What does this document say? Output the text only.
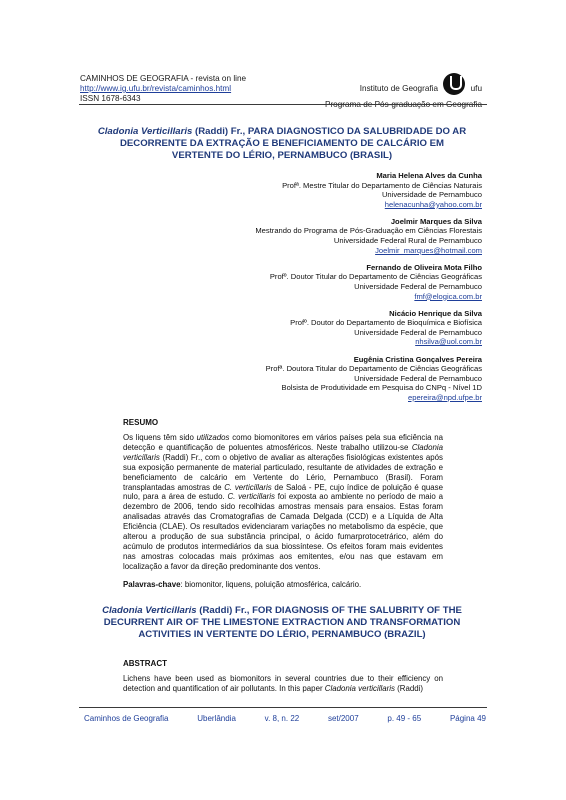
CAMINHOS DE GEOGRAFIA - revista on line
http://www.ig.ufu.br/revista/caminhos.html
ISSN 1678-6343
Instituto de Geografia	ufu
Cladonia Verticillaris (Raddi) Fr., PARA DIAGNOSTICO DA SALUBRIDADE DO AR
DECORRENTE DA EXTRAÇÃO E BENEFICIAMENTO DE CALCÁRIO EM
VERTENTE DO LÉRIO, PERNAMBUCO (BRASIL)
Maria Helena Alves da Cunha
Profª. Mestre Titular do Departamento de Ciências Naturais
Universidade de Pernambuco
helenacunha@yahoo.com.br
Joelmir Marques da Silva
Mestrando do Programa de Pós-Graduação em Ciências Florestais
Universidade Federal Rural de Pernambuco
Joelmir_marques@hotmail.com
Fernando de Oliveira Mota Filho
Profº. Doutor Titular do Departamento de Ciências Geográficas
Universidade Federal de Pernambuco
fmf@elogica.com.br
Nicácio Henrique da Silva
Profº. Doutor do Departamento de Bioquímica e Biofísica
Universidade Federal de Pernambuco
nhsilva@uol.com.br
Eugênia Cristina Gonçalves Pereira
Profª. Doutora Titular do Departamento de Ciências Geográficas
Universidade Federal de Pernambuco
Bolsista de Produtividade em Pesquisa do CNPq - Nível 1D
epereira@npd.ufpe.br
RESUMO
Os liquens têm sido utilizados como biomonitores em vários países pela sua eficiência na detecção e quantificação de poluentes atmosféricos. Neste trabalho utilizou-se Cladonia verticillaris (Raddi) Fr., com o objetivo de avaliar as alterações fisiológicas existentes após sua exposição permanente de material particulado, resultante de atividades de extração e beneficiamento de calcário em Vertente do Lério, Pernambuco (Brasil). Foram transplantadas amostras de C. verticillaris de Saloá - PE, cujo índice de poluição é quase nulo, para a área de estudo. C. verticillaris foi exposta ao ambiente no período de maio a dezembro de 2006, tendo sido recolhidas amostras mensais para ensaios. Estas foram analisadas através das Cromatografias de Camada Delgada (CCD) e a Líquida de Alta Eficiência (CLAE). Os resultados evidenciaram variações no metabolismo da espécie, que alterou a produção de sua substância principal, o ácido fumarprotocetrárico, além do acúmulo de produtos intermediários da sua biossíntese. Os efeitos foram mais evidentes nas amostras colocadas mais próximas aos emitentes, e/ou nas que estavam em localização a favor da direção predominante dos ventos.
Palavras-chave: biomonitor, liquens, poluição atmosférica, calcário.
Cladonia Verticillaris (Raddi) Fr., FOR DIAGNOSIS OF THE SALUBRITY OF THE
DECURRENT AIR OF THE LIMESTONE EXTRACTION AND TRANSFORMATION
ACTIVITIES IN VERTENTE DO LÉRIO, PERNAMBUCO (BRAZIL)
ABSTRACT
Lichens have been used as biomonitors in several countries due to their efficiency on detection and quantification of air pollutants. In this paper Cladonia verticillaris (Raddi)
Caminhos de Geografia	Uberlândia	v. 8, n. 22	set/2007	p. 49 - 65	Página 49
